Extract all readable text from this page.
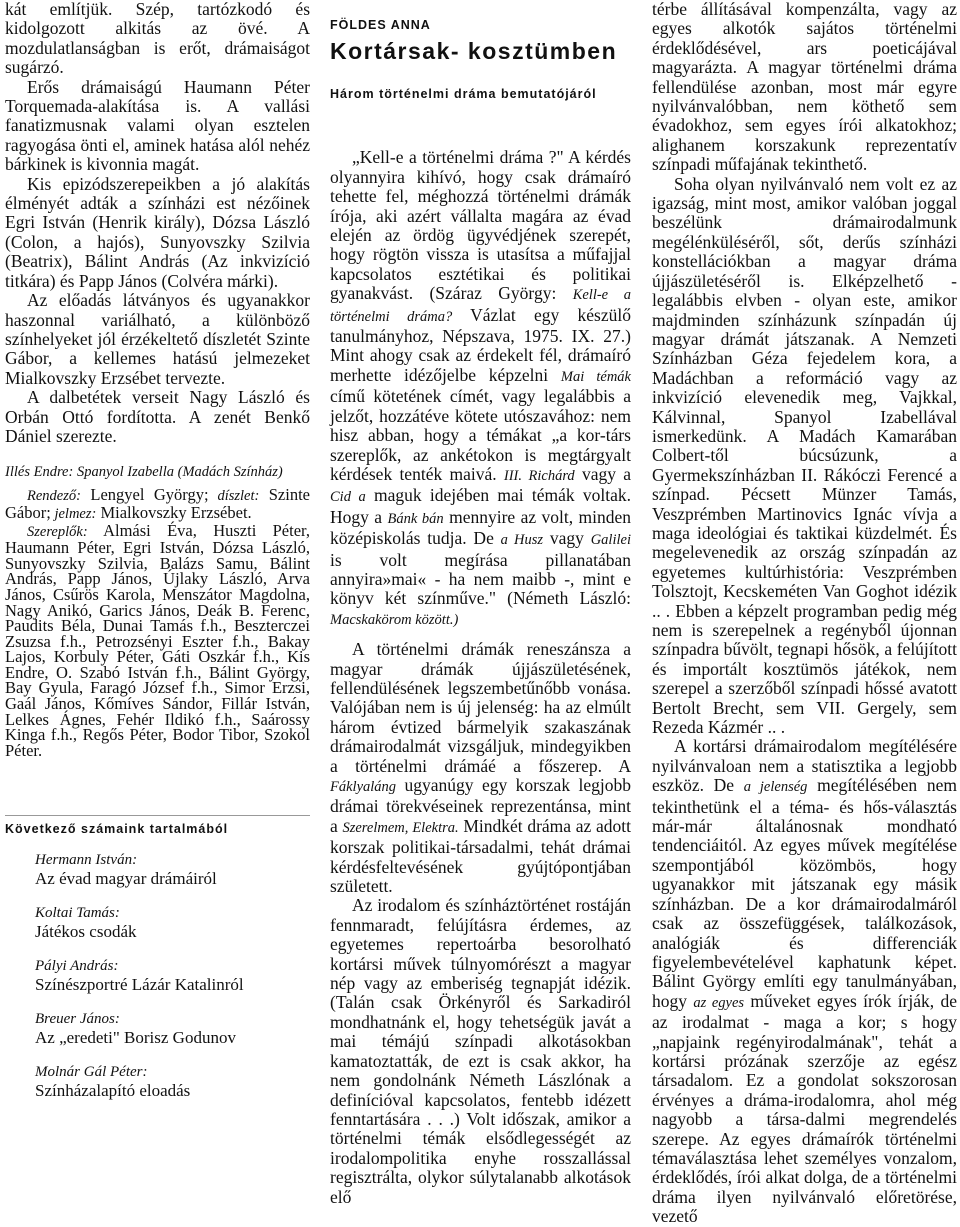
kát említjük. Szép, tartózkodó és kidolgozott alkitás az övé. A mozdulatlanságban is erőt, drámaiságot sugárzó.

Erős drámaiságú Haumann Péter Torquemada-alakítása is. A vallási fanatizmusnak valami olyan esztelen ragyogása önti el, aminek hatása alól nehéz bárkinek is kivonnia magát.

Kis epizódszerepeikben a jó alakítás élményét adták a színházi est nézőinek Egri István (Henrik király), Dózsa László (Colon, a hajós), Sunyovszky Szilvia (Beatrix), Bálint András (Az inkvizíció titkára) és Papp János (Colvéra márki).

Az előadás látványos és ugyanakkor haszonnal variálható, a különböző színhelyeket jól érzékeltető díszletét Szinte Gábor, a kellemes hatású jelmezeket Mialkovszky Erzsébet tervezte.

A dalbetétek verseit Nagy László és Orbán Ottó fordította. A zenét Benkő Dániel szerezte.

Illés Endre: Spanyol Izabella (Madách Színház)

Rendező: Lengyel György; díszlet: Szinte Gábor; jelmez: Mialkovszky Erzsébet.

Szereplők: Almási Éva, Huszti Péter, Haumann Péter, Egri István, Dózsa László, Sunyovszky Szilvia, Balázs Samu, Bálint András, Papp János, Újlaky László, Arva János, Csűrös Karola, Menszátor Magdolna, Nagy Anikó, Garics János, Deák B. Ferenc, Paudits Béla, Dunai Tamás f.h., Beszterczei Zsuzsa f.h., Petrozsényi Eszter f.h., Bakay Lajos, Korbuly Péter, Gáti Oszkár f.h., Kis Endre, O. Szabó István f.h., Bálint György, Bay Gyula, Faragó József f.h., Simor Erzsi, Gaál János, Kőmíves Sándor, Fillár István, Lelkes Ágnes, Fehér Ildikó f.h., Saárossy Kinga f.h., Regős Péter, Bodor Tibor, Szokol Péter.

Következő számaink tartalmából
Hermann István:
Az évad magyar drámáiról
Koltai Tamás:
Játékos csodák
Pályi András:
Színészportré Lázár Katalinról
Breuer János:
Az „eredeti" Borisz Godunov
Molnár Gál Péter:
Színházalapító eloadás
FÖLDES ANNA
Kortársak- kosztümben
Három történelmi dráma bemutatójáról

„Kell-e a történelmi dráma ?" A kérdés olyannyira kihívó, hogy csak drámaíró tehette fel, méghozzá történelmi drámák írója, aki azért vállalta magára az évad elején az ördög ügyvédjének szerepét, hogy rögtön vissza is utasítsa a műfajjal kapcsolatos esztétikai és politikai gyanakvást. (Száraz György: Kell-e a történelmi dráma? Vázlat egy készülő tanulmányhoz, Népszava, 1975. IX. 27.) Mint ahogy csak az érdekelt fél, drámaíró merhette idézőjelbe képzelni Mai témák című kötetének címét, vagy legalábbis a jelzőt, hozzátéve kötete utószavához: nem hisz abban, hogy a témákat „a kor-társ szereplők, az ankétokon is megtárgyalt kérdések tenték maivá. III. Richárd vagy a Cid a maguk idejében mai témák voltak. Hogy a Bánk bán mennyire az volt, minden középiskolás tudja. De a Husz vagy Galilei is volt megírása pillanatában annyira»mai« - ha nem maibb -, mint e könyv két színműve." (Németh László: Macskakörom között.)

A történelmi drámák reneszánsza a magyar drámák újjászületésének, fellendülésének legszembetűnőbb vonása. Valójában nem is új jelenség: ha az elmúlt három évtized bármelyik szakaszának drámairodalmát vizsgáljuk, mindegyikben a történelmi drámáé a főszerep. A Fáklyaláng ugyanúgy egy korszak legjobb drámai törekvéseinek reprezentánsa, mint a Szerelmem, Elektra. Mindkét dráma az adott korszak politikai-társadalmi, tehát drámai kérdésfeltevésének gyújtópontjában született.

Az irodalom és színháztörténet rostáján fennmaradt, felújításra érdemes, az egyetemes repertoárba besorolható kortársi művek túlnyomórészt a magyar nép vagy az emberiség tegnapját idézik. (Talán csak Örkényről és Sarkadiról mondhatnánk el, hogy tehetségük javát a mai témájú színpadi alkotásokban kamatoztatták, de ezt is csak akkor, ha nem gondolnánk Németh Lászlónak a definícióval kapcsolatos, fentebb idézett fenntartására . . .) Volt időszak, amikor a történelmi témák elsődlegességét az irodalompolitika enyhe rosszallással regisztrálta, olykor súlytalanabb alkotások elő

térbe állításával kompenzálta, vagy az egyes alkotók sajátos történelmi érdeklődésével, ars poeticájával magyarázta. A magyar történelmi dráma fellendülése azonban, most már egyre nyilvánvalóbban, nem köthető sem évadokhoz, sem egyes írói alkatokhoz; alighanem korszakunk reprezentatív színpadi műfajának tekinthető.

Soha olyan nyilvánvaló nem volt ez az igazság, mint most, amikor valóban joggal beszélünk drámairodalmunk megélénküléséről, sőt, derűs színházi konstellációkban a magyar dráma újjászületéséről is. Elképzelhető - legalábbis elvben - olyan este, amikor majdminden színházunk színpadán új magyar drámát játszanak. A Nemzeti Színházban Géza fejedelem kora, a Madáchban a reformáció vagy az inkvizíció elevenedik meg, Vajkkal, Kálvinnal, Spanyol Izabellával ismerkedünk. A Madách Kamarában Colbert-től búcsúzunk, a Gyermekszínházban II. Rákóczi Ferencé a színpad. Pécsett Münzer Tamás, Veszprémben Martinovics Ignác vívja a maga ideológiai és taktikai küzdelmét. És megelevenedik az ország színpadán az egyetemes kultúrhistória: Veszprémben Tolsztojt, Kecskeméten Van Goghot idézik .. . Ebben a képzelt programban pedig még nem is szerepelnek a regényből újonnan színpadra bűvölt, tegnapi hősök, a felújított és importált kosztümös játékok, nem szerepel a szerzőből színpadi hőssé avatott Bertolt Brecht, sem VII. Gergely, sem Rezeda Kázmér .. .

A kortársi drámairodalom megítélésére nyilvánvaloan nem a statisztika a legjobb eszköz. De a jelenség megítélésében nem tekinthetünk el a téma- és hős-választás már-már általánosnak mondható tendenciáitól. Az egyes művek megítélése szempontjából közömbös, hogy ugyanakkor mit játszanak egy másik színházban. De a kor drámairodalmáról csak az összefüggések, találkozások, analógiák és differenciák figyelembevételével kaphatunk képet. Bálint György említi egy tanulmányában, hogy az egyes műveket egyes írók írják, de az irodalmat - maga a kor; s hogy „napjaink regényirodalmának", tehát a kortársi prózának szerzője az egész társadalom. Ez a gondolat sokszorosan érvényes a dráma-irodalomra, ahol még nagyobb a társa-dalmi megrendelés szerepe. Az egyes drámaírók történelmi témaválasztása lehet személyes vonzalom, érdeklődés, írói alkat dolga, de a történelmi dráma ilyen nyilvánvaló előretörése, vezető
